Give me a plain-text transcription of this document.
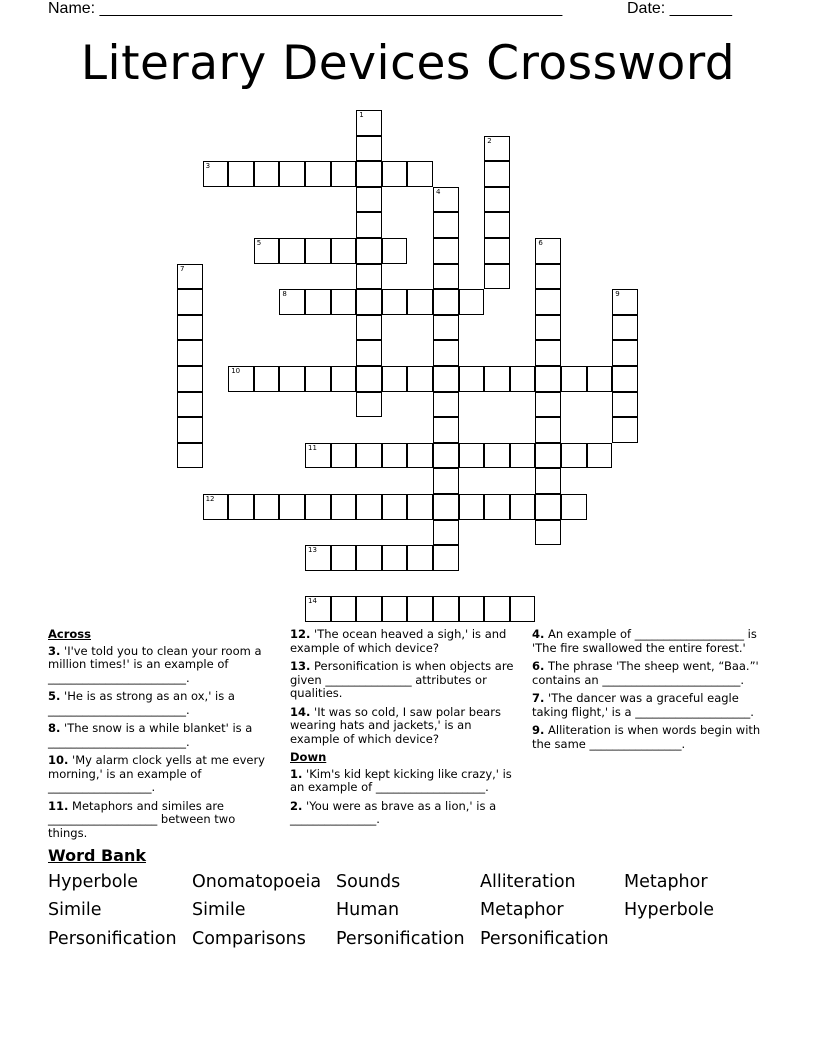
Name: ____________________________________________________	Date: _______
Literary Devices Crossword
1
2
3
4
5	6
7
8	9
10
11
12
13
14
Across
3. 'I've told you to clean your room a million times!' is an example of ________________________.
5. 'He is as strong as an ox,' is a ________________________.
8. 'The snow is a while blanket' is a ________________________.
10. 'My alarm clock yells at me every morning,' is an example of __________________.
11. Metaphors and similes are ___________________ between two things.
12. 'The ocean heaved a sigh,' is and example of which device?
13. Personification is when objects are given _______________ attributes or qualities.
14. 'It was so cold, I saw polar bears wearing hats and jackets,' is an example of which device?
Down
1. 'Kim's kid kept kicking like crazy,' is an example of ___________________.
2. 'You were as brave as a lion,' is a _______________.
4. An example of ___________________ is 'The fire swallowed the entire forest.'
6. The phrase 'The sheep went, “Baa.”' contains an ________________________.
7. 'The dancer was a graceful eagle taking flight,' is a ____________________.
9. Alliteration is when words begin with the same ________________.
Word Bank
Hyperbole	Onomatopoeia Sounds	Alliteration	Metaphor
Simile	Simile	Human	Metaphor	Hyperbole
Personification Comparisons Personification Personification
